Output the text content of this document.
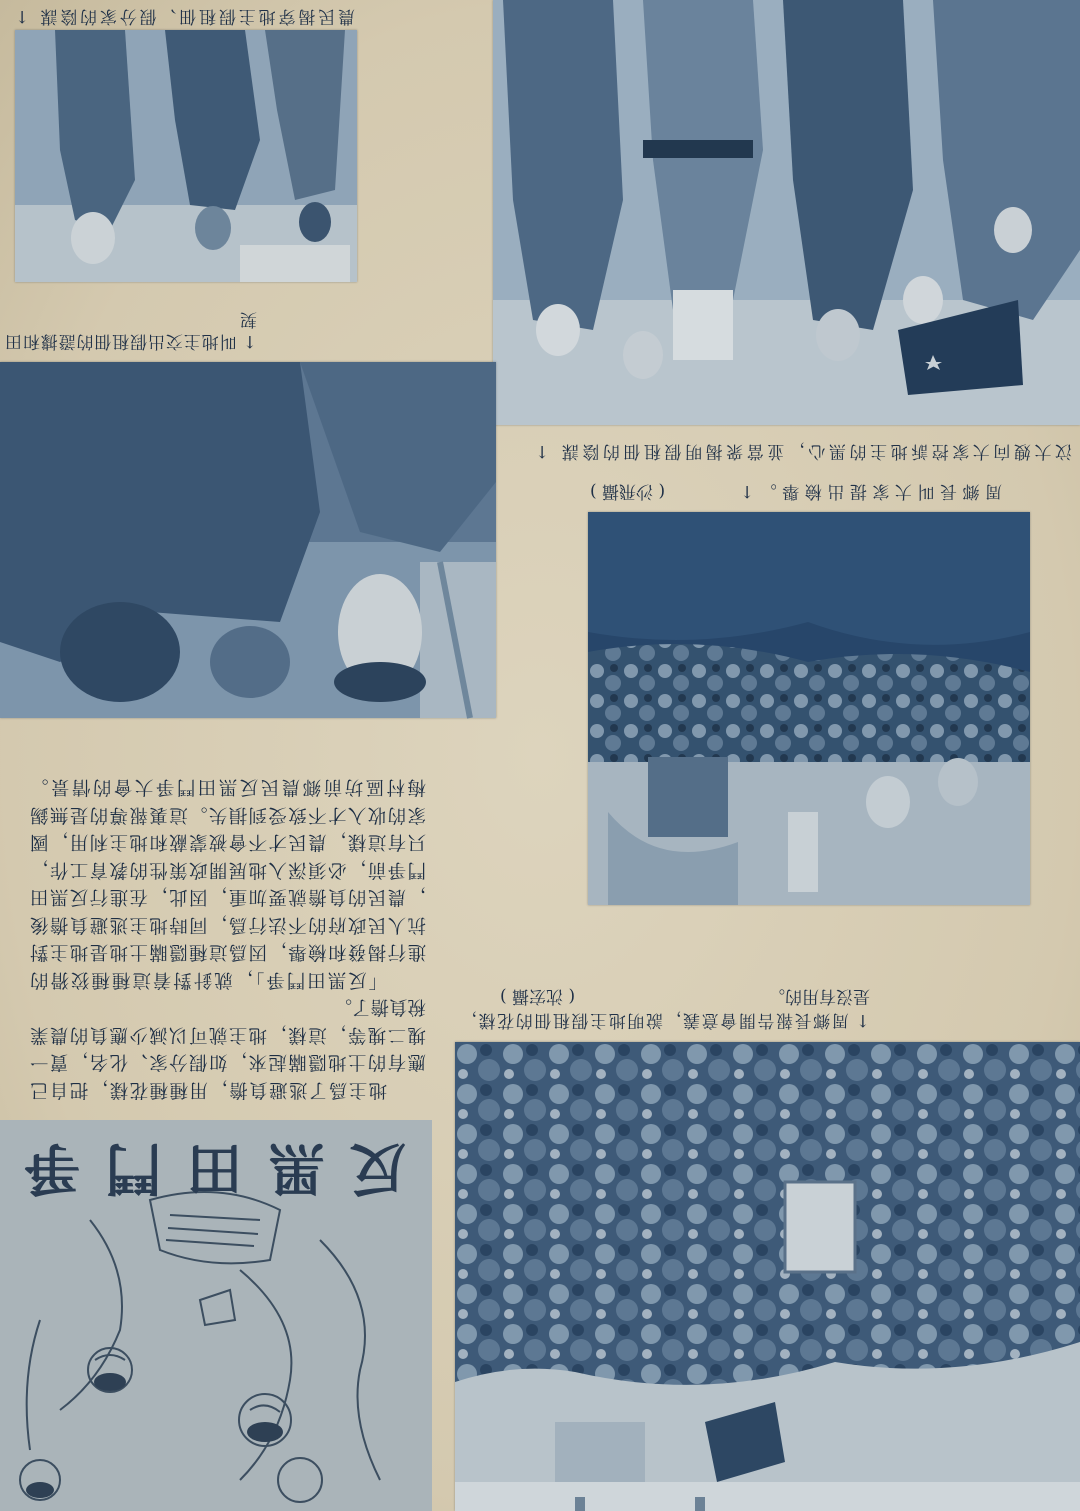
農民揭穿地主假租佃、假分家的陰謀 ↑
↑ 叫地主交出假租佃的證據和田契
汶大嫂向大家控訴地主的黑心，並當衆揭明假租佃的陰謀 ↑
周鄉長叫大家提出檢舉。↑
( 沙飛攝 )
地主爲了逃避負擔，用種種花樣，把自己
應有的土地隱瞞起來，如假分家、化名，賣一
塊二塊等，這樣，地主就可以減少應負的農業
稅負擔了。
「反黑田鬥爭」，就針對着這種種狡猾的
進行揭發和檢舉，因爲這種隱瞞土地是地主對
抗人民政府的不法行爲，同時地主逃避負擔後
，農民的負擔就要加重，因此，在進行反黑田
鬥爭前，必須深入地展開政策性的教育工作，
只有這樣，農民才不會被蒙蔽和地主利用，國
家的收入才不致受到損失。這裏報導的是無錫
梅村區坊前鄉農民反黑田鬥爭大會的情景。
↑ 周鄉長報告開會意義，說明地主假租佃的花樣，
是沒有用的。
( 沈宏攝 )
反黑田鬥爭
